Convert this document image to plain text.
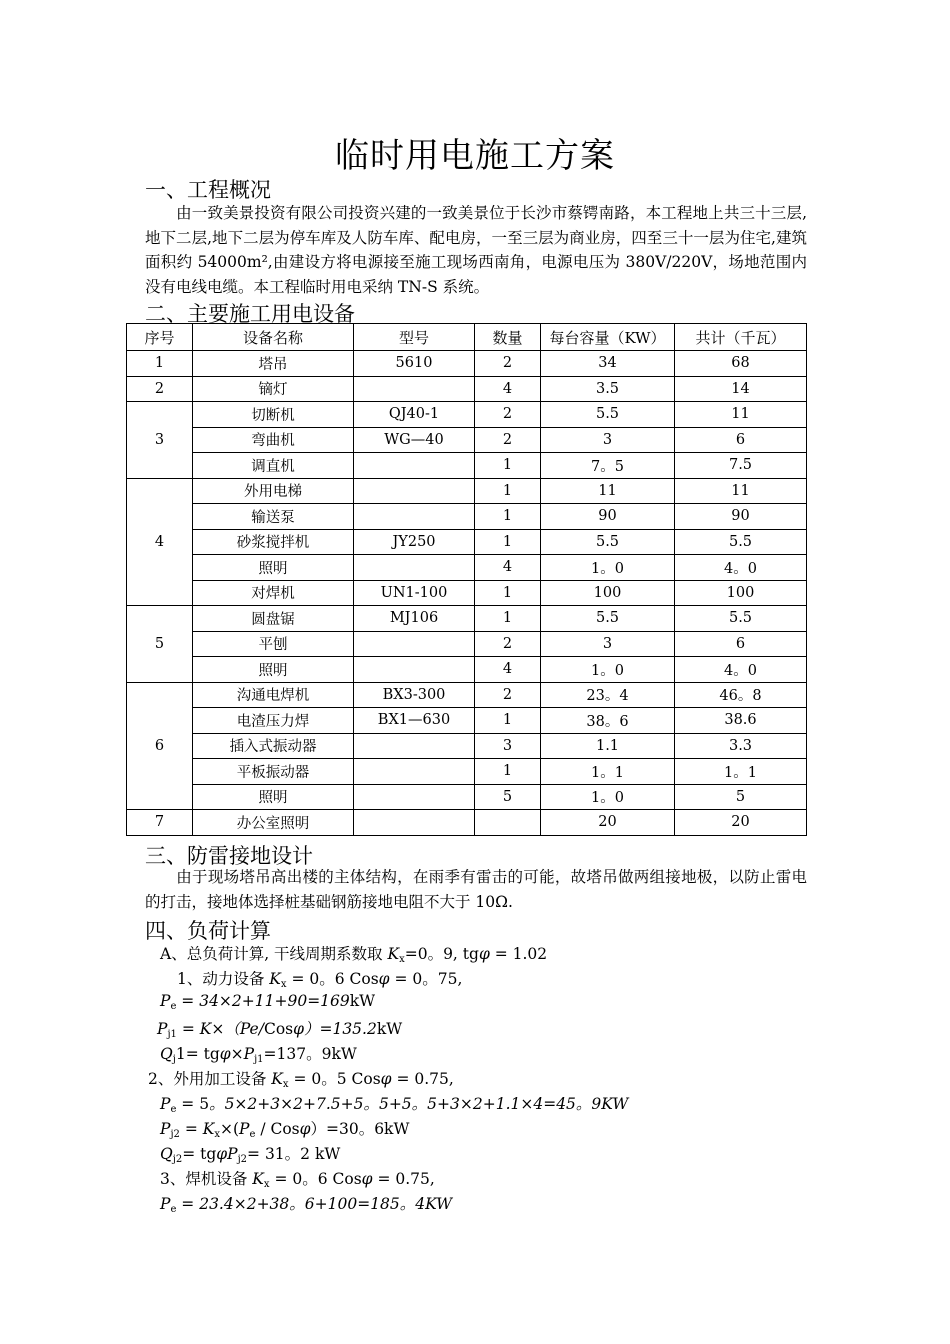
临时用电施工方案
一、工程概况
由一致美景投资有限公司投资兴建的一致美景位于长沙市蔡锷南路，本工程地上共三十三层,地下二层,地下二层为停车库及人防车库、配电房，一至三层为商业房，四至三十一层为住宅,建筑面积约 54000m²,由建设方将电源接至施工现场西南角，电源电压为 380V/220V，场地范围内没有电线电缆。本工程临时用电采纳 TN-S 系统。
二、主要施工用电设备
序号	设备名称	型号	数量	每台容量（KW）	共计（千瓦）
1	塔吊	5610	2	34	68
2	镝灯		4	3.5	14
3	切断机	QJ40-1	2	5.5	11
	弯曲机	WG—40	2	3	6
	调直机		1	7。5	7.5
4	外用电梯		1	11	11
	输送泵		1	90	90
	砂浆搅拌机	JY250	1	5.5	5.5
	照明		4	1。0	4。0
	对焊机	UN1-100	1	100	100
5	圆盘锯	MJ106	1	5.5	5.5
	平刨		2	3	6
	照明		4	1。0	4。0
6	沟通电焊机	BX3-300	2	23。4	46。8
	电渣压力焊	BX1—630	1	38。6	38.6
	插入式振动器		3	1.1	3.3
	平板振动器		1	1。1	1。1
	照明		5	1。0	5
7	办公室照明			20	20
三、防雷接地设计
由于现场塔吊高出楼的主体结构，在雨季有雷击的可能，故塔吊做两组接地极，以防止雷电的打击，接地体选择桩基础钢筋接地电阻不大于 10Ω.
四、负荷计算
A、总负荷计算, 干线周期系数取 $K_x=0$。9, tgφ = 1.02
1、动力设备 $K_x = 0$。6 Cosφ = 0。75,
$P_e = 34\times 2+11+90=169kW$
$P_{j1} = K\times(Pe/Cos\varphi)=135.2kW$
$Q_j1= tg\varphi\times P_{j1}=137$。9kW
2、外用加工设备 $K_x = 0$。5 Cosφ = 0.75,
$P_e = 5$。5×2+3×2+7.5+5。5+5。5+3×2+1.1×4=45。9KW
$P_{j2} = K_x\times(P_e / Cos\varphi)=30$。6kW
$Q_{j2}= tg\varphi P_{j2}= 31$。2 kW
3、焊机设备 $K_x = 0$。6 Cosφ = 0.75,
$P_e = 23.4\times 2+38$。6+100=185。4KW
